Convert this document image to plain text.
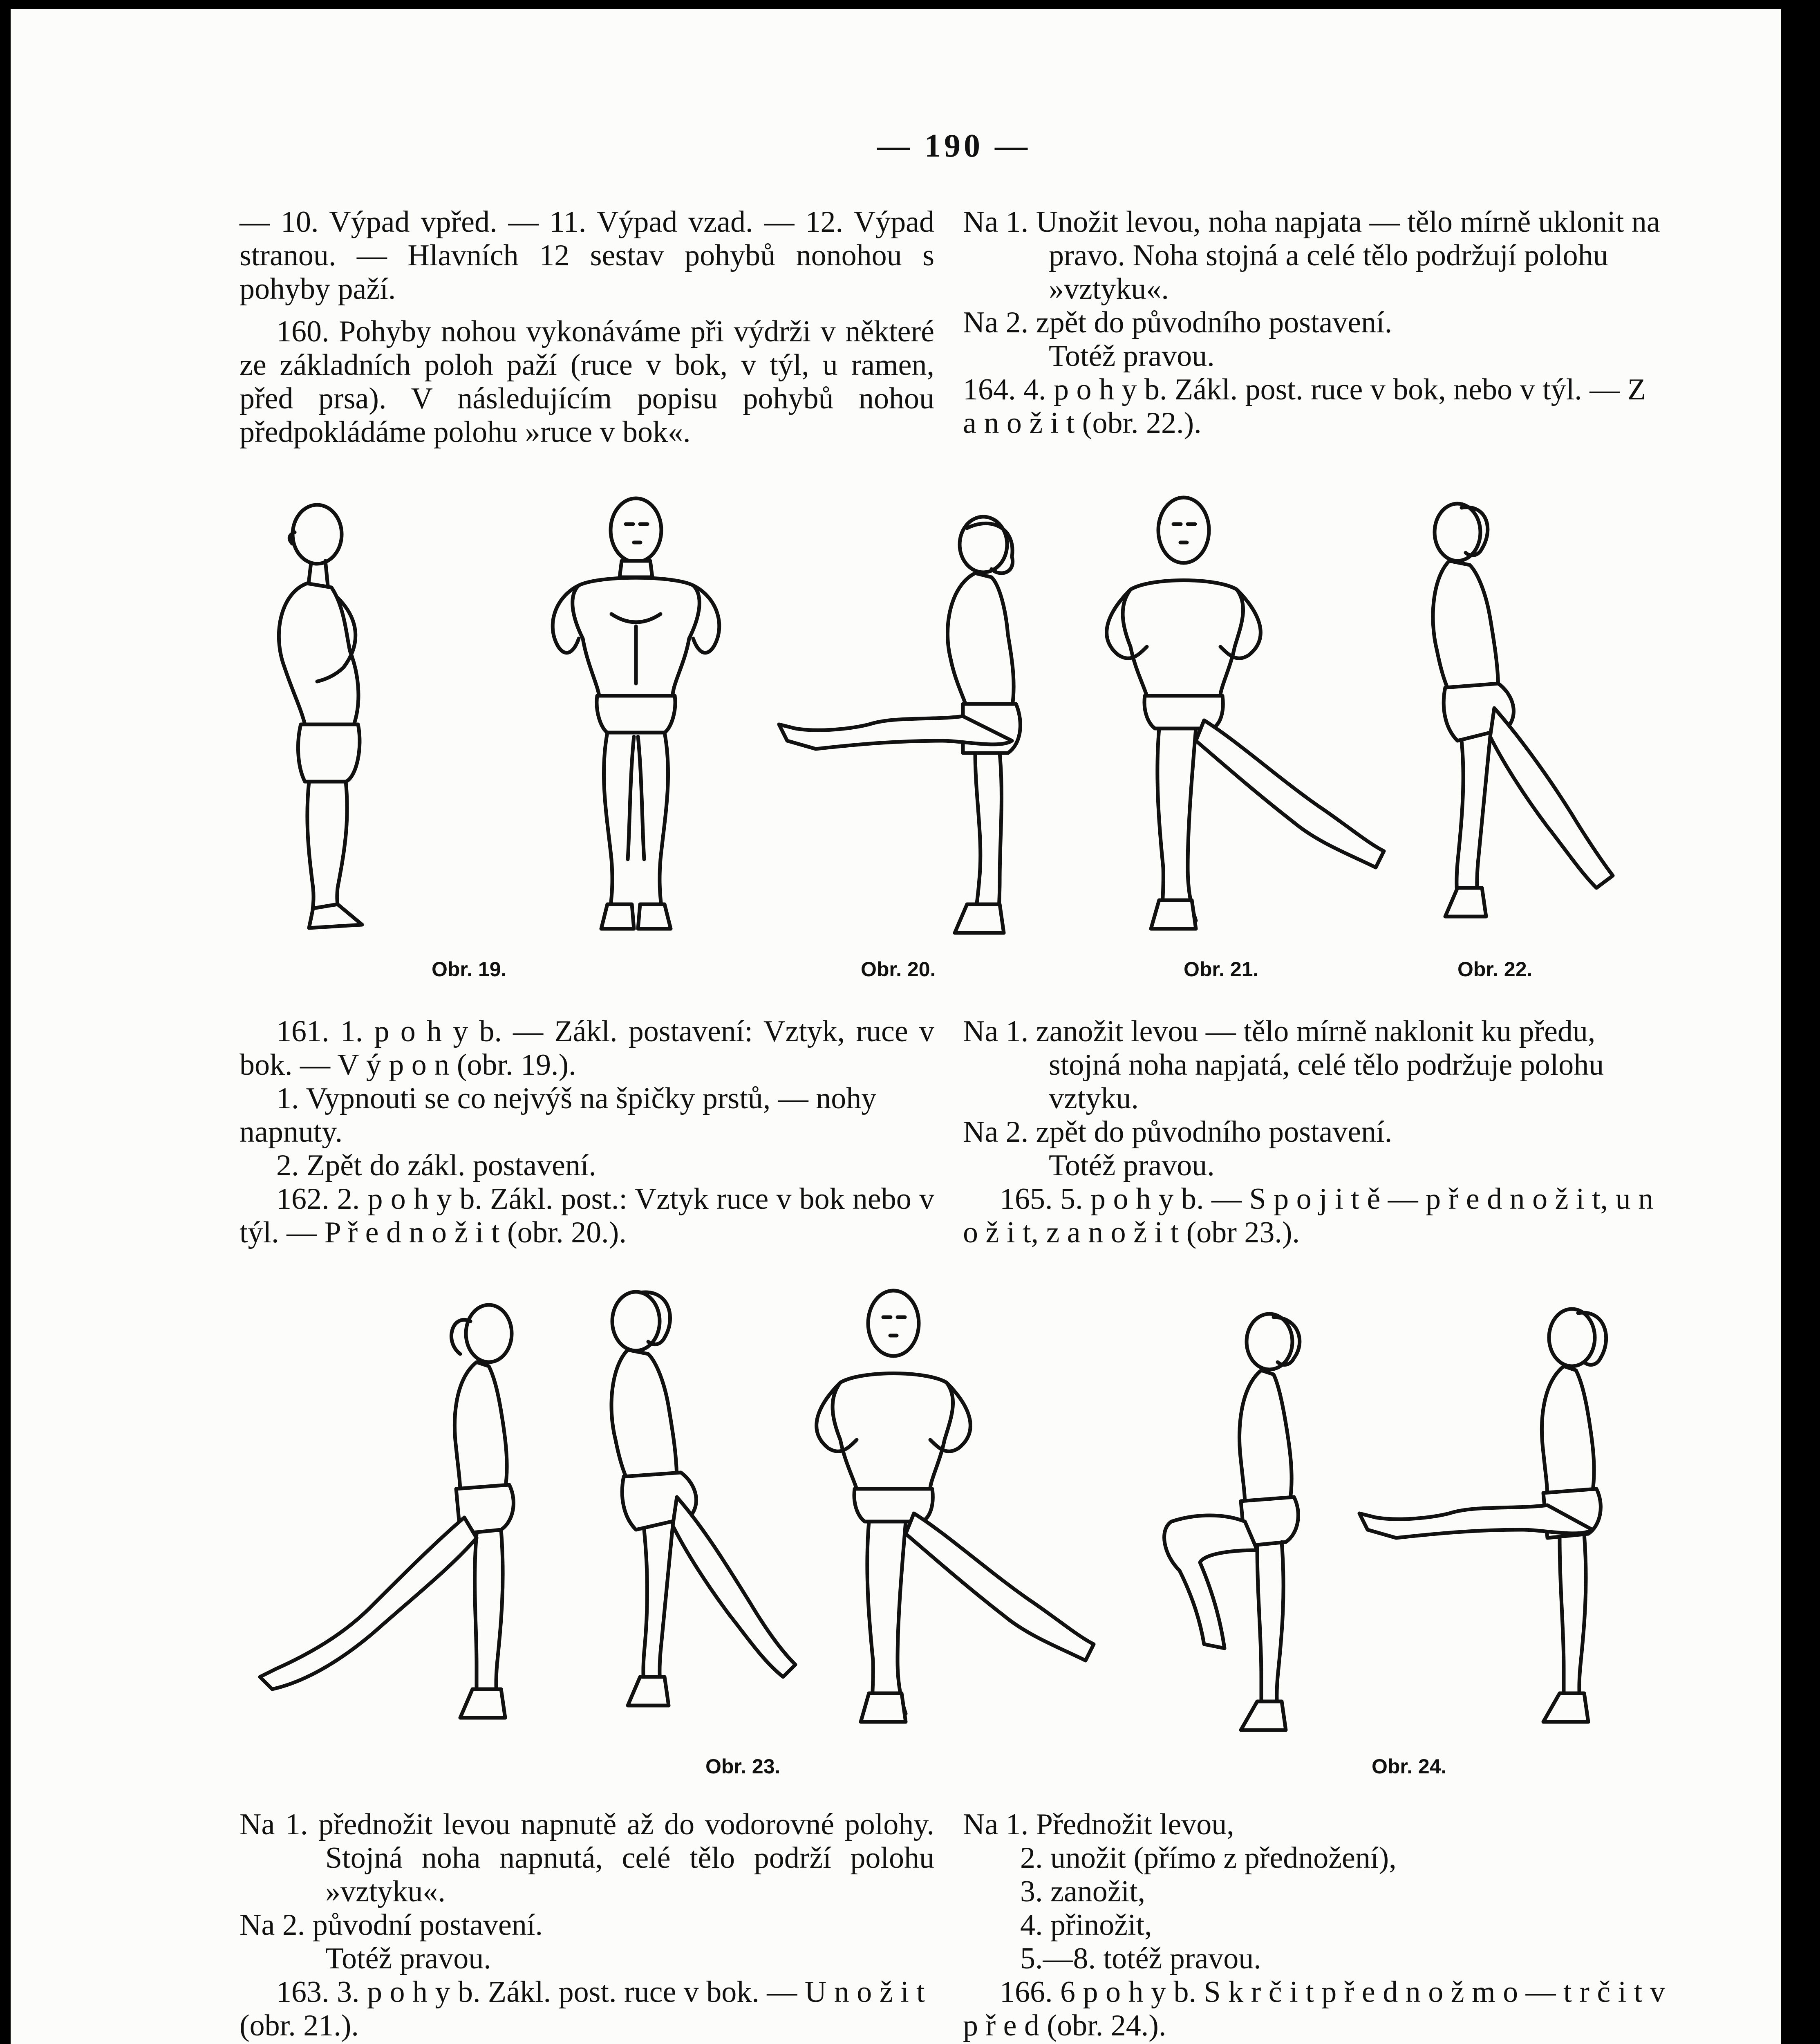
— 190 —

— 10. Výpad vpřed. — 11. Výpad vzad. — 12. Výpad stranou. — Hlavních 12 sestav pohybů nonohou s pohyby paží.

160. Pohyby nohou vykonáváme při výdrži v některé ze základních poloh paží (ruce v bok, v týl, u ramen, před prsa). V následujícím popisu pohybů nohou předpokládáme polohu »ruce v bok«.

Na 1. Unožit levou, noha napjata — tělo mírně uklonit na pravo. Noha stojná a celé tělo podržují polohu »vztyku«.

Na 2. zpět do původního postavení.

Totéž pravou.

164. 4. p o h y b. Zákl. post. ruce v bok, nebo v týl. — Z a n o ž i t (obr. 22.).

Obr. 19.	Obr. 20.	Obr. 21.	Obr. 22.

161. 1. p o h y b. — Zákl. postavení: Vztyk, ruce v bok. — V ý p o n (obr. 19.).

1. Vypnouti se co nejvýš na špičky prstů, — nohy napnuty.

2. Zpět do zákl. postavení.

162. 2. p o h y b. Zákl. post.: Vztyk ruce v bok nebo v týl. — P ř e d n o ž i t (obr. 20.).

Na 1. zanožit levou — tělo mírně naklonit ku předu, stojná noha napjatá, celé tělo podržuje polohu vztyku.

Na 2. zpět do původního postavení.

Totéž pravou.

165. 5. p o h y b. — S p o j i t ě — p ř e d n o ž i t, u n o ž i t, z a n o ž i t (obr 23.).

Obr. 23.	Obr. 24.

Na 1. přednožit levou napnutě až do vodorovné polohy. Stojná noha napnutá, celé tělo podrží polohu »vztyku«.

Na 2. původní postavení.

Totéž pravou.

163. 3. p o h y b. Zákl. post. ruce v bok. — U n o ž i t (obr. 21.).

Na 1. Přednožit levou,

2. unožit (přímo z přednožení),

3. zanožit,

4. přinožit,

5.—8. totéž pravou.

166. 6 p o h y b. S k r č i t p ř e d n o ž m o — t r č i t v p ř e d (obr. 24.).
